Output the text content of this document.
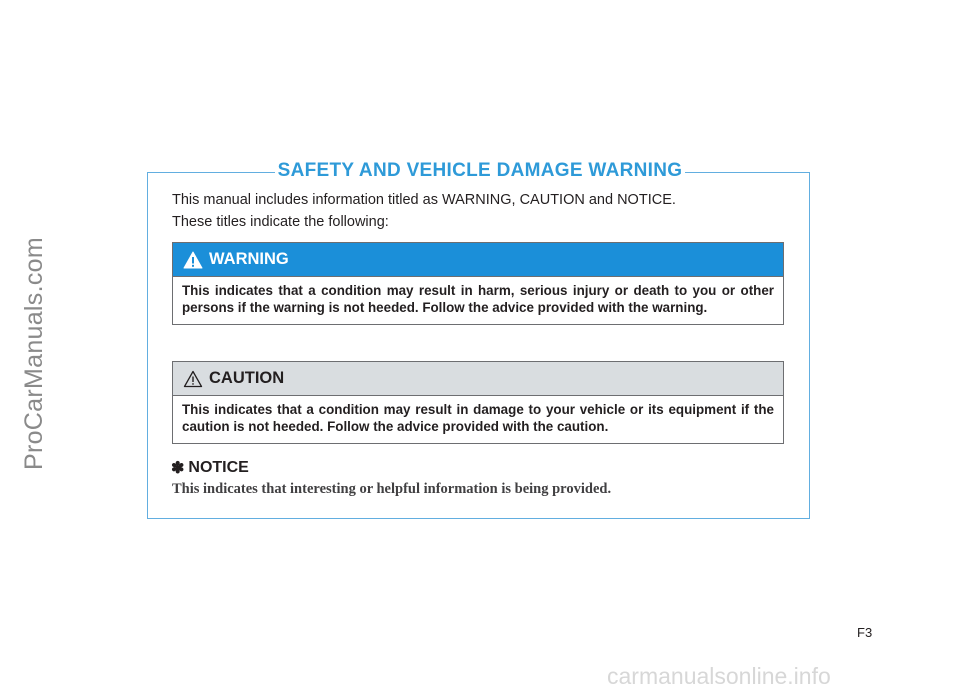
ProCarManuals.com
SAFETY AND VEHICLE DAMAGE WARNING
This manual includes information titled as WARNING, CAUTION and NOTICE.
These titles indicate the following:
WARNING
This indicates that a condition may result in harm, serious injury or death to you or other persons if the warning is not heeded. Follow the advice provided with the warning.
CAUTION
This indicates that a condition may result in damage to your vehicle or its equipment if the caution is not heeded. Follow the advice provided with the caution.
✽ NOTICE
This indicates that interesting or helpful information is being provided.
F3
carmanualsonline.info
